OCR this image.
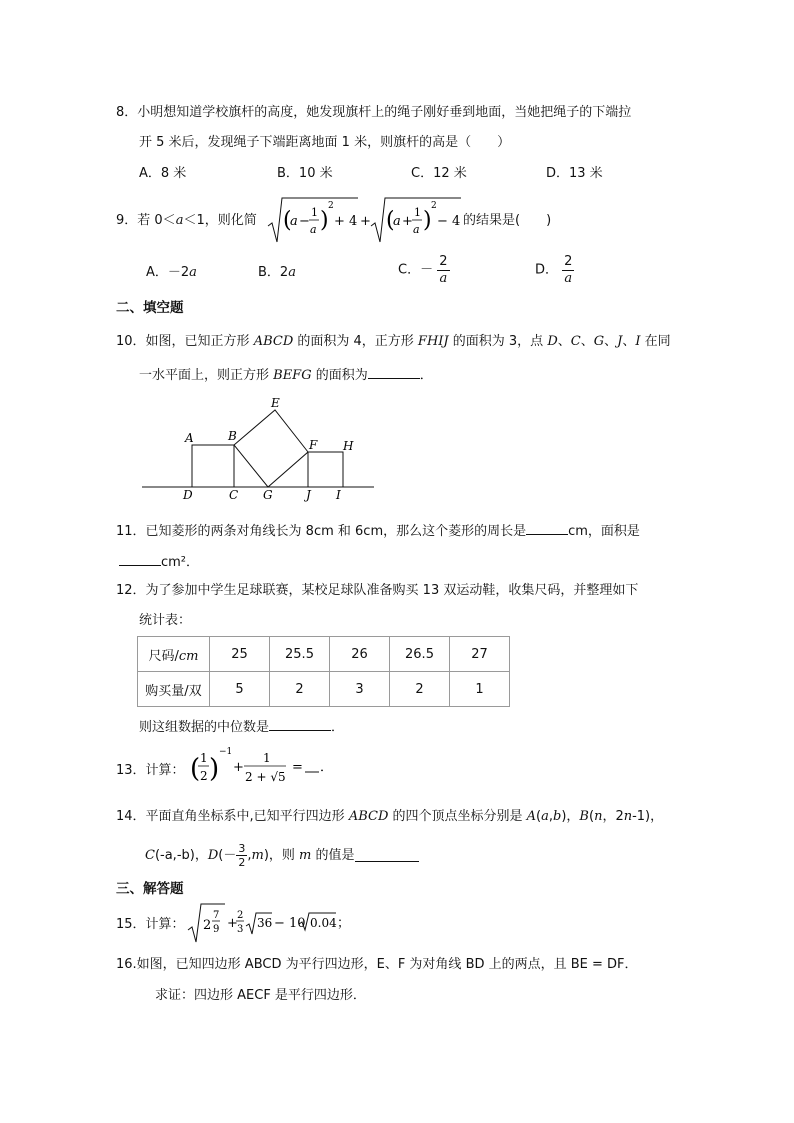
8．小明想知道学校旗杆的高度，她发现旗杆上的绳子刚好垂到地面，当她把绳子的下端拉
开 5 米后，发现绳子下端距离地面 1 米，则旗杆的高是（　　）
A．8 米	B．10 米	C．12 米	D．13 米
9．若 0＜a＜1，则化简 (
a −
1
a )
2
+ 4 + (
a +
1
a )
2
− 4 的结果是(　　)
A．－2a	B．2a	C．－ $\frac{2}{a}$	D． $\frac{2}{a}$
二、填空题
10．如图，已知正方形 ABCD 的面积为 4，正方形 FHIJ 的面积为 3，点 D、C、G、J、I 在同
一水平面上，则正方形 BEFG 的面积为	．
E
A	B
F H
D	C G	J I
11．已知菱形的两条对角线长为 8cm 和 6cm，那么这个菱形的周长是	cm，面积是
cm²．
12．为了参加中学生足球联赛，某校足球队准备购买 13 双运动鞋，收集尺码，并整理如下
统计表：
尺码/cm	25	25.5	26	26.5	27
购买量/双	5	2	3	2	1
则这组数据的中位数是	．
13．计算： ( 1
2 )
−1
+
1
2 + √5
= ．
14．平面直角坐标系中,已知平行四边形 ABCD 的四个顶点坐标分别是 A(a,b)，B(n，2n-1)，
C(-a,-b)，$D(- \frac{3}{2} ,m)$，则 m 的值是
三、解答题
15．计算： 2
7
9 +
2
3 36 − 10 0.04 ；
16.如图，已知四边形 ABCD 为平行四边形，E、F 为对角线 BD 上的两点，且 BE = DF．
求证：四边形 AECF 是平行四边形．
